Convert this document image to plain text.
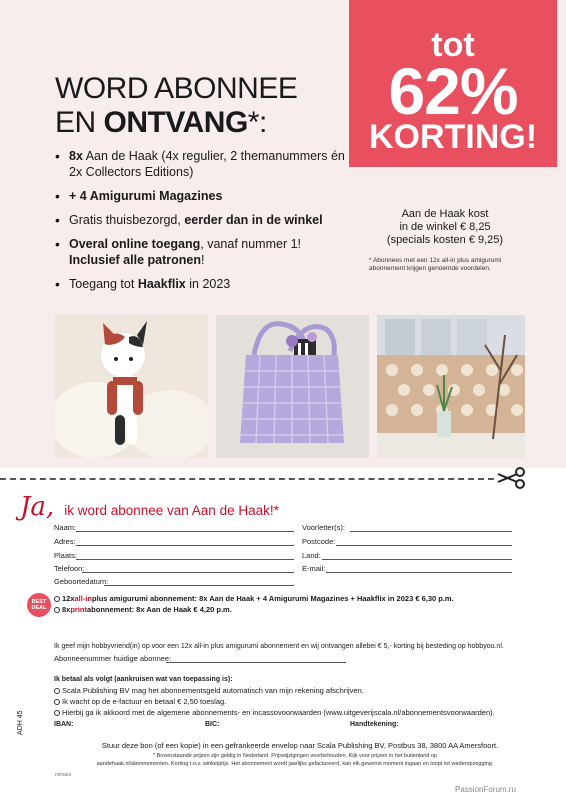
tot
62%
KORTING!
WORD ABONNEE
EN ONTVANG*:
• 8x Aan de Haak (4x regulier, 2 themanummers én 2x Collectors Editions)
• + 4 Amigurumi Magazines
• Gratis thuisbezorgd, eerder dan in de winkel
• Overal online toegang, vanaf nummer 1!
Inclusief alle patronen!
• Toegang tot Haakflix in 2023
Aan de Haak kost
in de winkel € 8,25
(specials kosten € 9,25)
* Abonnees met een 12x all-in plus amigurumi abonnement krijgen genoemde voordelen.
Ja, ik word abonnee van Aan de Haak!*
Naam:
Adres:
Plaats:
Telefoon:
Geboortedatum:
Voorletter(s):
Postcode:
Land:
E-mail:
BEST DEAL
12x all-in plus amigurumi abonnement: 8x Aan de Haak + 4 Amigurumi Magazines + Haakflix in 2023 € 6,30 p.m.
8x print abonnement: 8x Aan de Haak € 4,20 p.m.
Ik geef mijn hobbyvriend(in) op voor een 12x all-in plus amigurumi abonnement en wij ontvangen allebei € 5,- korting bij besteding op hobbyou.nl.
Abonneenummer huidige abonnee:
Ik betaal als volgt (aankruisen wat van toepassing is):
Scala Publishing BV mag het abonnementsgeld automatisch van mijn rekening afschrijven.
Ik wacht op de e-factuur en betaal € 2,50 toeslag.
Hierbij ga ik akkoord met de algemene abonnements- en incassovoorwaarden (www.uitgeverijscala.nl/abonnementsvoorwaarden).
IBAN:	BIC:	Handtekening:
ADH 45
Stuur deze bon (of een kopie) in een gefrankeerde envelop naar Scala Publishing BV, Postbus 38, 3800 AA Amersfoort.
* Bovenstaande prijzen zijn geldig in Nederland. Prijswijzigingen voorbehouden. Kijk voor prijzen in het buitenland op
aandehaak.nl/abonnementen. Korting t.o.v. winkelprijs. Het abonnement wordt jaarlijks gefactureerd, kan elk gewenst moment ingaan en loopt tot wederopzegging.
пяпака
PassionForum.ru
